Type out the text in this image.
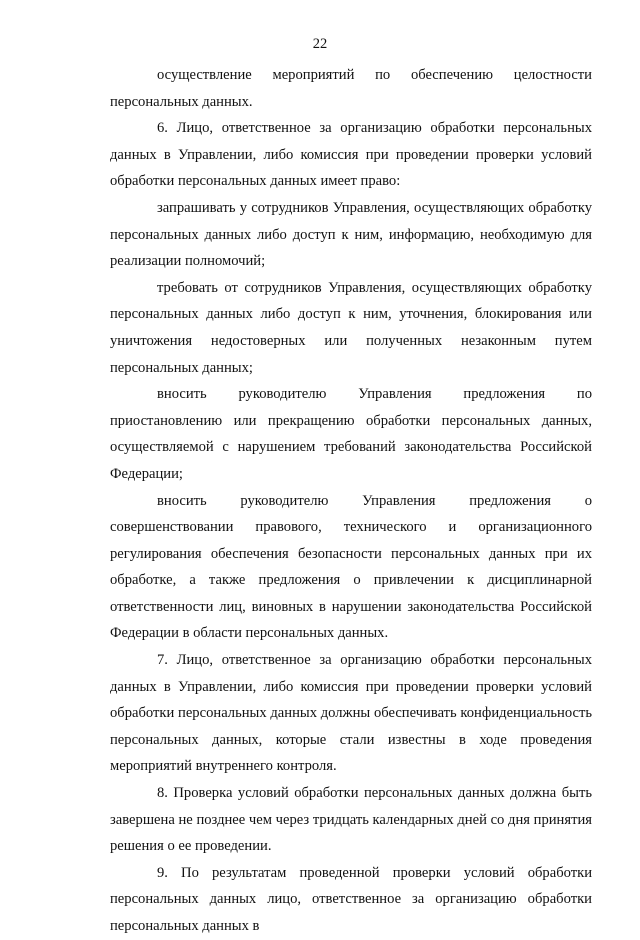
22

осуществление мероприятий по обеспечению целостности персональных данных.

6. Лицо, ответственное за организацию обработки персональных данных в Управлении, либо комиссия при проведении проверки условий обработки персональных данных имеет право:

запрашивать у сотрудников Управления, осуществляющих обработку персональных данных либо доступ к ним, информацию, необходимую для реализации полномочий;

требовать от сотрудников Управления, осуществляющих обработку персональных данных либо доступ к ним, уточнения, блокирования или уничтожения недостоверных или полученных незаконным путем персональных данных;

вносить руководителю Управления предложения по приостановлению или прекращению обработки персональных данных, осуществляемой с нарушением требований законодательства Российской Федерации;

вносить руководителю Управления предложения о совершенствовании правового, технического и организационного регулирования обеспечения безопасности персональных данных при их обработке, а также предложения о привлечении к дисциплинарной ответственности лиц, виновных в нарушении законодательства Российской Федерации в области персональных данных.

7. Лицо, ответственное за организацию обработки персональных данных в Управлении, либо комиссия при проведении проверки условий обработки персональных данных должны обеспечивать конфиденциальность персональных данных, которые стали известны в ходе проведения мероприятий внутреннего контроля.

8. Проверка условий обработки персональных данных должна быть завершена не позднее чем через тридцать календарных дней со дня принятия решения о ее проведении.

9. По результатам проведенной проверки условий обработки персональных данных лицо, ответственное за организацию обработки персональных данных в
